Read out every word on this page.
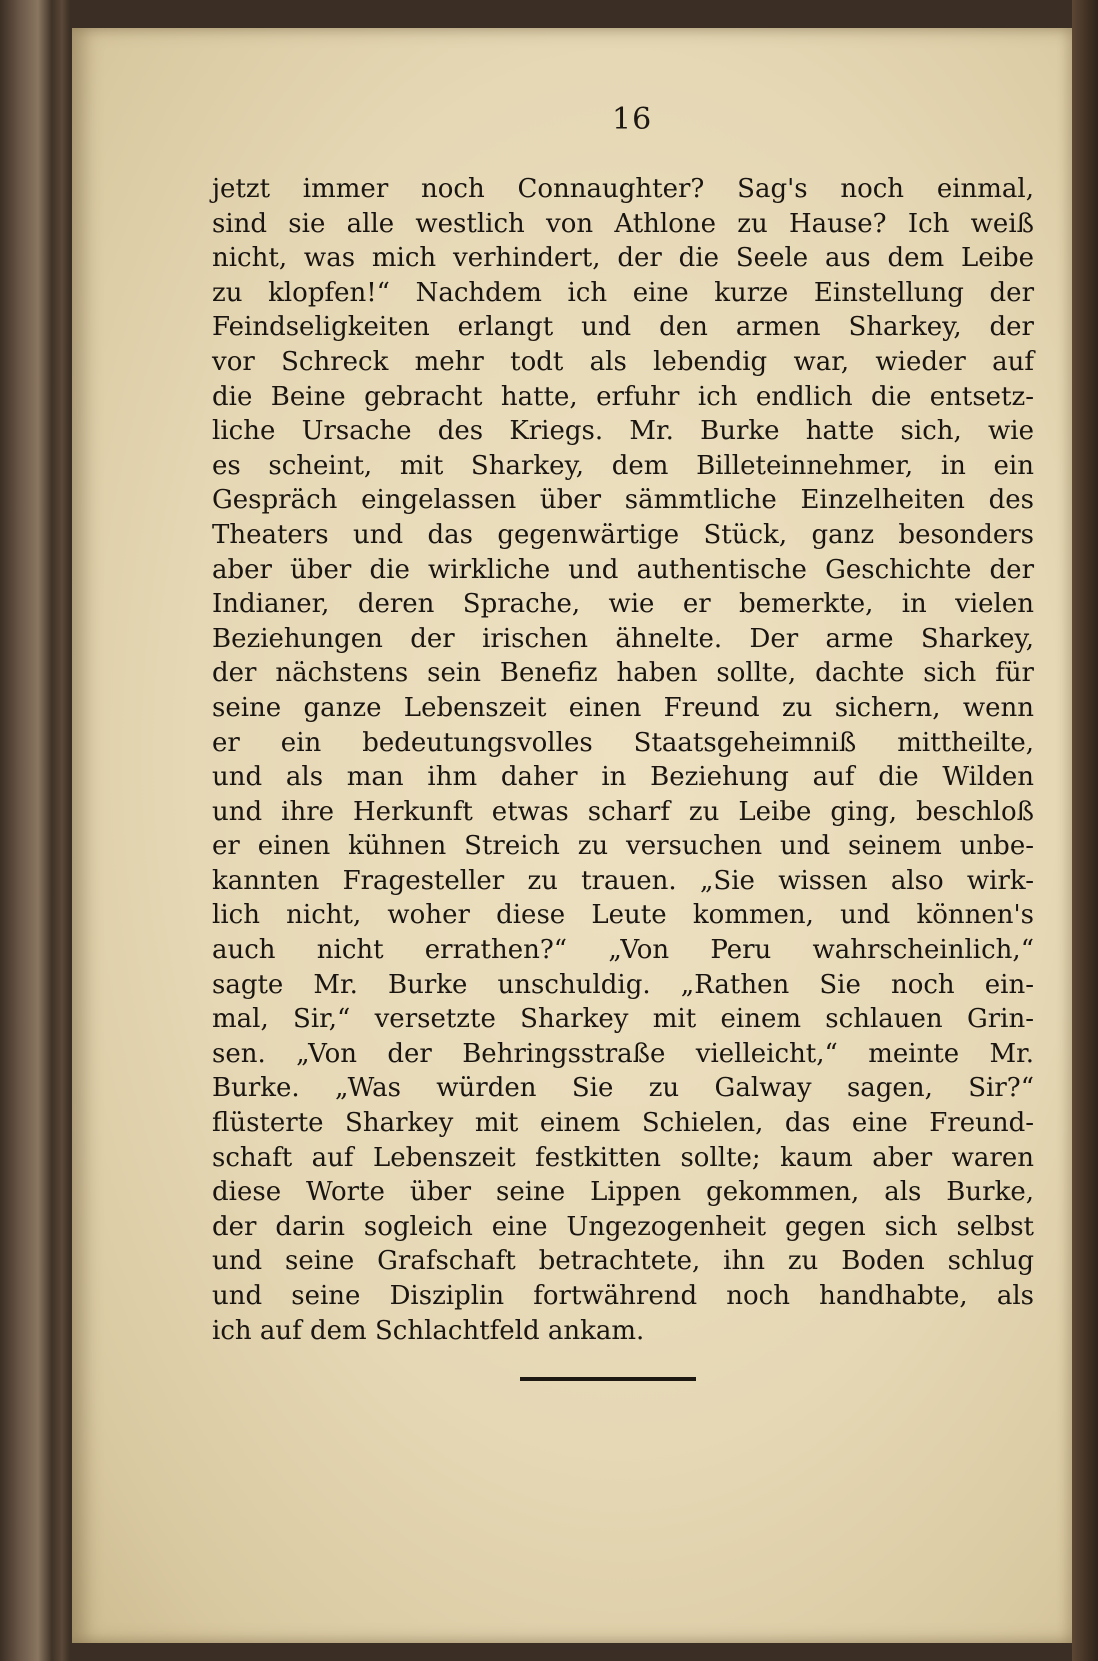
16
jetzt immer noch Connaughter? Sag's noch einmal,
sind sie alle westlich von Athlone zu Hause? Ich weiß
nicht, was mich verhindert, der die Seele aus dem Leibe
zu klopfen!“ Nachdem ich eine kurze Einstellung der
Feindseligkeiten erlangt und den armen Sharkey, der
vor Schreck mehr todt als lebendig war, wieder auf
die Beine gebracht hatte, erfuhr ich endlich die entsetz-
liche Ursache des Kriegs. Mr. Burke hatte sich, wie
es scheint, mit Sharkey, dem Billeteinnehmer, in ein
Gespräch eingelassen über sämmtliche Einzelheiten des
Theaters und das gegenwärtige Stück, ganz besonders
aber über die wirkliche und authentische Geschichte der
Indianer, deren Sprache, wie er bemerkte, in vielen
Beziehungen der irischen ähnelte. Der arme Sharkey,
der nächstens sein Benefiz haben sollte, dachte sich für
seine ganze Lebenszeit einen Freund zu sichern, wenn
er ein bedeutungsvolles Staatsgeheimniß mittheilte,
und als man ihm daher in Beziehung auf die Wilden
und ihre Herkunft etwas scharf zu Leibe ging, beschloß
er einen kühnen Streich zu versuchen und seinem unbe-
kannten Fragesteller zu trauen. „Sie wissen also wirk-
lich nicht, woher diese Leute kommen, und können's
auch nicht errathen?“ „Von Peru wahrscheinlich,“
sagte Mr. Burke unschuldig. „Rathen Sie noch ein-
mal, Sir,“ versetzte Sharkey mit einem schlauen Grin-
sen. „Von der Behringsstraße vielleicht,“ meinte Mr.
Burke. „Was würden Sie zu Galway sagen, Sir?“
flüsterte Sharkey mit einem Schielen, das eine Freund-
schaft auf Lebenszeit festkitten sollte; kaum aber waren
diese Worte über seine Lippen gekommen, als Burke,
der darin sogleich eine Ungezogenheit gegen sich selbst
und seine Grafschaft betrachtete, ihn zu Boden schlug
und seine Disziplin fortwährend noch handhabte, als
ich auf dem Schlachtfeld ankam.
